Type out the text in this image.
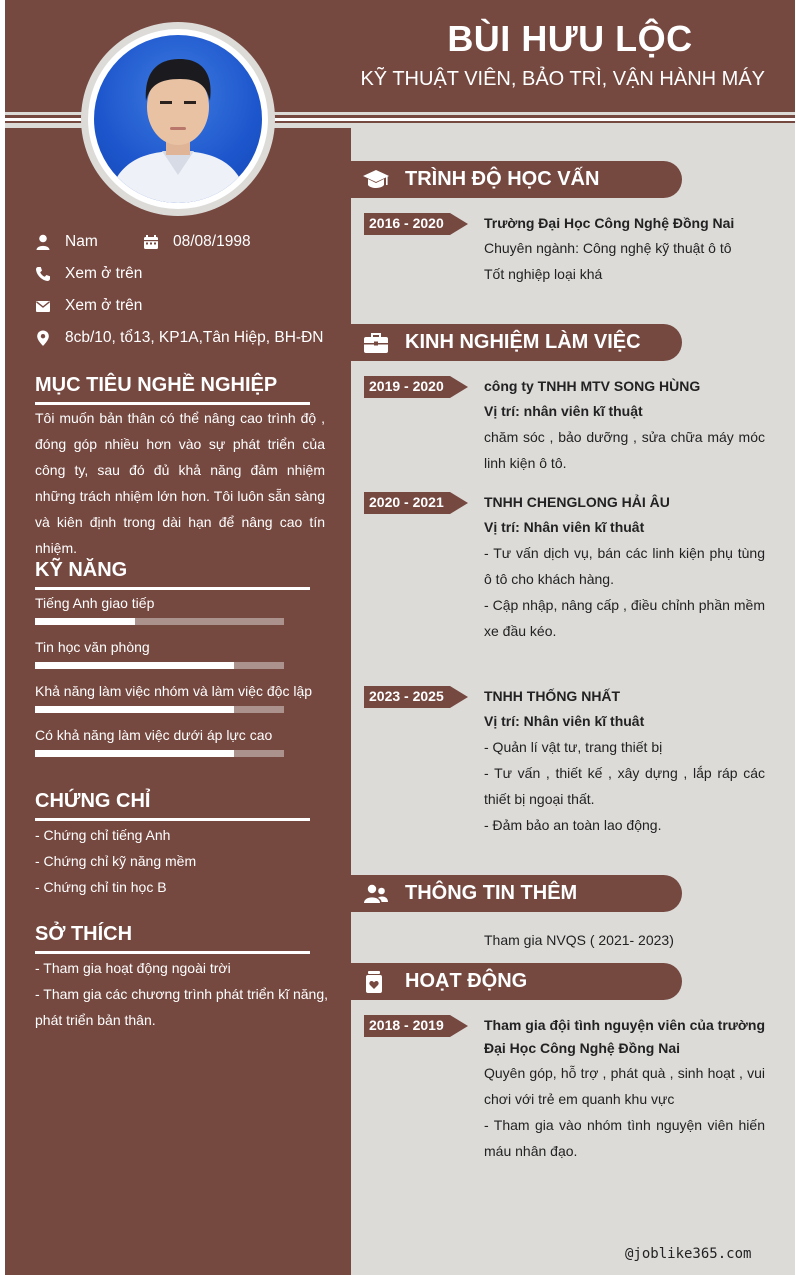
BÙI HƯU LỘC
KỸ THUẬT VIÊN, BẢO TRÌ, VẬN HÀNH MÁY
Nam	08/08/1998
Xem ở trên
Xem ở trên
8cb/10, tổ13, KP1A,Tân Hiệp, BH-ĐN
MỤC TIÊU NGHỀ NGHIỆP
Tôi muốn bản thân có thể nâng cao trình độ , đóng góp nhiều hơn vào sự phát triển của công ty, sau đó đủ khả năng đảm nhiệm những trách nhiệm lớn hơn. Tôi luôn sẵn sàng và kiên định trong dài hạn để nâng cao tín nhiệm.
KỸ NĂNG
Tiếng Anh giao tiếp
Tin học văn phòng
Khả năng làm việc nhóm và làm việc độc lập
Có khả năng làm việc dưới áp lực cao
CHỨNG CHỈ
- Chứng chỉ tiếng Anh
- Chứng chỉ kỹ năng mềm
- Chứng chỉ tin học B
SỞ THÍCH
- Tham gia hoạt động ngoài trời
- Tham gia các chương trình phát triển kĩ năng, phát triển bản thân.
TRÌNH ĐỘ HỌC VẤN
2016 - 2020	Trường Đại Học Công Nghệ Đồng Nai
Chuyên ngành: Công nghệ kỹ thuật ô tô
Tốt nghiệp loại khá
KINH NGHIỆM LÀM VIỆC
2019 - 2020	công ty TNHH MTV SONG HÙNG
Vị trí: nhân viên kĩ thuật
chăm sóc , bảo dưỡng , sửa chữa máy móc linh kiện ô tô.
2020 - 2021	TNHH CHENGLONG HẢI ÂU
Vị trí: Nhân viên kĩ thuât
- Tư vấn dịch vụ, bán các linh kiện phụ tùng ô tô cho khách hàng.
- Cập nhập, nâng cấp , điều chỉnh phần mềm xe đầu kéo.
2023 - 2025	TNHH THỐNG NHẤT
Vị trí: Nhân viên kĩ thuât
- Quản lí vật tư, trang thiết bị
- Tư vấn , thiết kế , xây dựng , lắp ráp các thiết bị ngoại thất.
- Đảm bảo an toàn lao động.
THÔNG TIN THÊM
Tham gia NVQS ( 2021- 2023)
HOẠT ĐỘNG
2018 - 2019	Tham gia đội tình nguyện viên của trường Đại Học Công Nghệ Đồng Nai
Quyên góp, hỗ trợ , phát quà , sinh hoạt , vui chơi với trẻ em quanh khu vực
- Tham gia vào nhóm tình nguyện viên hiến máu nhân đạo.
@joblike365.com
